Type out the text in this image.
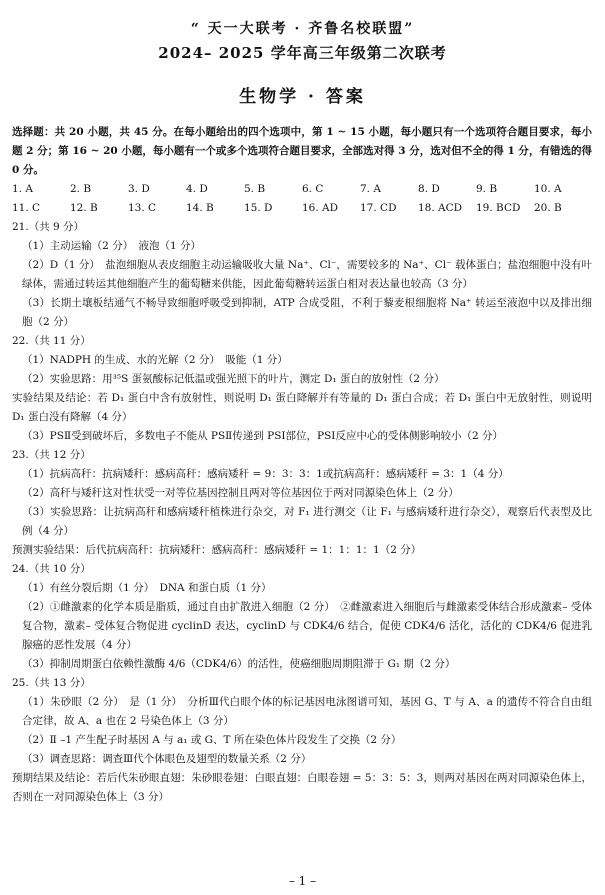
“ 天一大联考 · 齐鲁名校联盟”
2024– 2025 学年高三年级第二次联考
生物学 · 答案

选择题：共 20 小题，共 45 分。在每小题给出的四个选项中，第 1 ~ 15 小题，每小题只有一个选项符合题目要求，每小题 2 分；第 16 ~ 20 小题，每小题有一个或多个选项符合题目要求，全部选对得 3 分，选对但不全的得 1 分，有错选的得 0 分。

1. A	2. B	3. D	4. D	5. B	6. C	7. A	8. D	9. B	10. A
11. C	12. B	13. C	14. B	15. D	16. AD	17. CD	18. ACD	19. BCD	20. B

21.（共 9 分）

（1）主动运输（2 分）　液泡（1 分）

（2）D（1 分）　盐泡细胞从表皮细胞主动运输吸收大量 Na⁺、Cl⁻，需要较多的 Na⁺、Cl⁻ 载体蛋白；盐泡细胞中没有叶绿体，需通过转运其他细胞产生的葡萄糖来供能，因此葡萄糖转运蛋白相对表达量也较高（3 分）

（3）长期土壤板结通气不畅导致细胞呼吸受到抑制，ATP 合成受阻，不利于藜麦根细胞将 Na⁺ 转运至液泡中以及排出细胞（2 分）

22.（共 11 分）

（1）NADPH 的生成、水的光解（2 分）　吸能（1 分）

（2）实验思路：用³⁵S 蛋氨酸标记低温或强光照下的叶片，测定 D₁ 蛋白的放射性（2 分）

实验结果及结论：若 D₁ 蛋白中含有放射性，则说明 D₁ 蛋白降解并有等量的 D₁ 蛋白合成；若 D₁ 蛋白中无放射性，则说明 D₁ 蛋白没有降解（4 分）

（3）PSⅡ受到破坏后，多数电子不能从 PSⅡ传递到 PSⅠ部位，PSⅠ反应中心的受体侧影响较小（2 分）

23.（共 12 分）

（1）抗病高秆：抗病矮秆：感病高秆：感病矮秆 = 9：3：3：1或抗病高秆：感病矮秆 = 3：1（4 分）

（2）高秆与矮秆这对性状受一对等位基因控制且两对等位基因位于两对同源染色体上（2 分）

（3）实验思路：让抗病高秆和感病矮秆植株进行杂交，对 F₁ 进行测交（让 F₁ 与感病矮秆进行杂交），观察后代表型及比例（4 分）

预测实验结果：后代抗病高秆：抗病矮秆：感病高秆：感病矮秆 = 1：1：1：1（2 分）

24.（共 10 分）

（1）有丝分裂后期（1 分）　DNA 和蛋白质（1 分）

（2）①雌激素的化学本质是脂质，通过自由扩散进入细胞（2 分）　②雌激素进入细胞后与雌激素受体结合形成激素– 受体复合物，激素– 受体复合物促进 cyclinD 表达，cyclinD 与 CDK4/6 结合，促使 CDK4/6 活化，活化的 CDK4/6 促进乳腺癌的恶性发展（4 分）

（3）抑制周期蛋白依赖性激酶 4/6（CDK4/6）的活性，使癌细胞周期阻滞于 G₁ 期（2 分）

25.（共 13 分）

（1）朱砂眼（2 分）　是（1 分）　分析Ⅲ代白眼个体的标记基因电泳图谱可知，基因 G、T 与 A、a 的遗传不符合自由组合定律，故 A、a 也在 2 号染色体上（3 分）

（2）Ⅱ –1 产生配子时基因 A 与 a₁ 或 G、T 所在染色体片段发生了交换（2 分）

（3）调查思路：调查Ⅲ代个体眼色及翅型的数量关系（2 分）

预期结果及结论：若后代朱砂眼直翅：朱砂眼卷翅：白眼直翅：白眼卷翅 = 5：3：5：3，则两对基因在两对同源染色体上，否则在一对同源染色体上（3 分）

– 1 –
